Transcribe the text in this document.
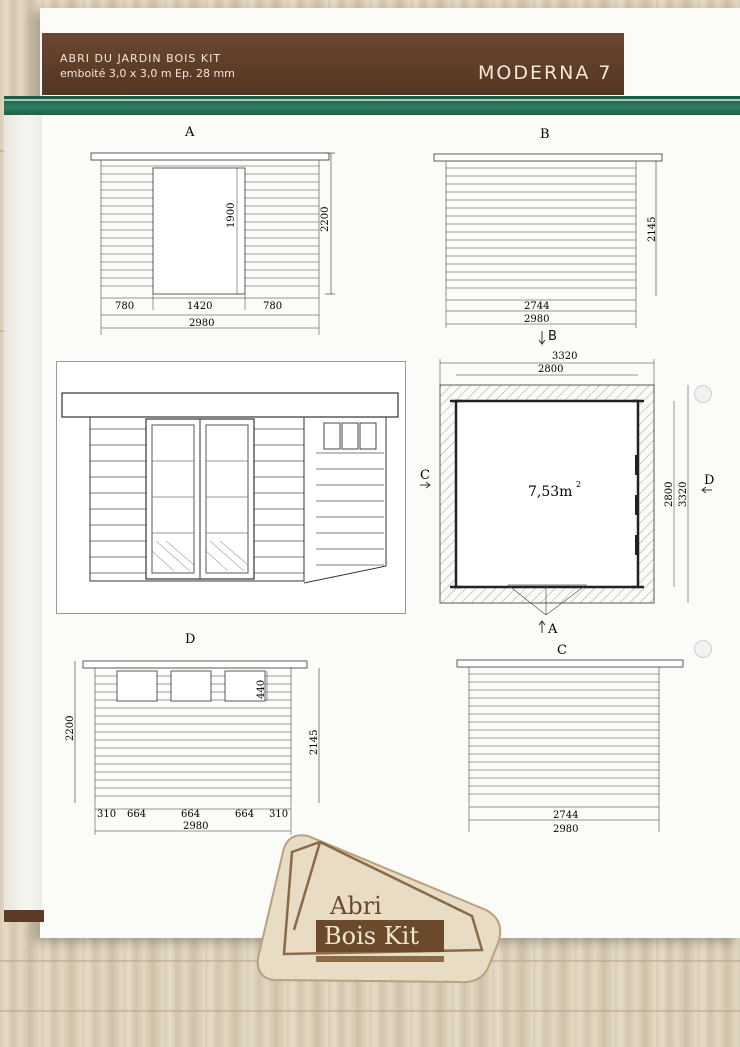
ABRI DU JARDIN BOIS KIT
emboité 3,0 x 3,0 m Ep. 28 mm	MODERNA 7
A
2200
1900
780	1420	780
2980
B
2145
2744
2980
3320
2800
7,53m 2	2800 3320
A
C	D
B
D
2200
2145
440
310 664	664	664 310
2980
C
2744
2980
Abri
Bois Kit
